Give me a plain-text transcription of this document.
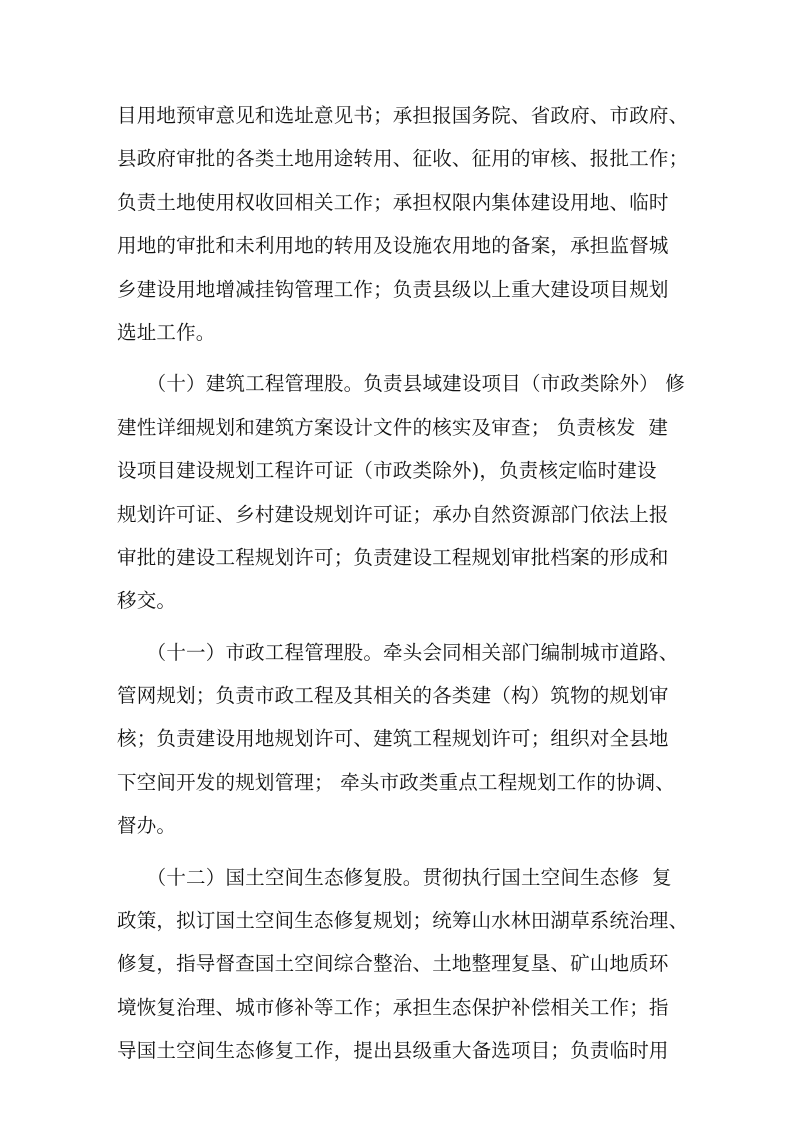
目用地预审意见和选址意见书；承担报国务院、省政府、市政府、
县政府审批的各类土地用途转用、征收、征用的审核、报批工作；
负责土地使用权收回相关工作；承担权限内集体建设用地、临时
用地的审批和未利用地的转用及设施农用地的备案，承担监督城
乡建设用地增减挂钩管理工作；负责县级以上重大建设项目规划
选址工作。
　　（十）建筑工程管理股。负责县域建设项目（市政类除外） 修
建性详细规划和建筑方案设计文件的核实及审查； 负责核发  建
设项目建设规划工程许可证（市政类除外)，负责核定临时建设
规划许可证、乡村建设规划许可证；承办自然资源部门依法上报
审批的建设工程规划许可；负责建设工程规划审批档案的形成和
移交。
　　（十一）市政工程管理股。牵头会同相关部门编制城市道路、
管网规划；负责市政工程及其相关的各类建（构）筑物的规划审
核；负责建设用地规划许可、建筑工程规划许可；组织对全县地
下空间开发的规划管理； 牵头市政类重点工程规划工作的协调、
督办。
　　（十二）国土空间生态修复股。贯彻执行国土空间生态修  复
政策，拟订国土空间生态修复规划；统筹山水林田湖草系统治理、
修复，指导督查国土空间综合整治、土地整理复垦、矿山地质环
境恢复治理、城市修补等工作；承担生态保护补偿相关工作；指
导国土空间生态修复工作，提出县级重大备选项目；负责临时用
